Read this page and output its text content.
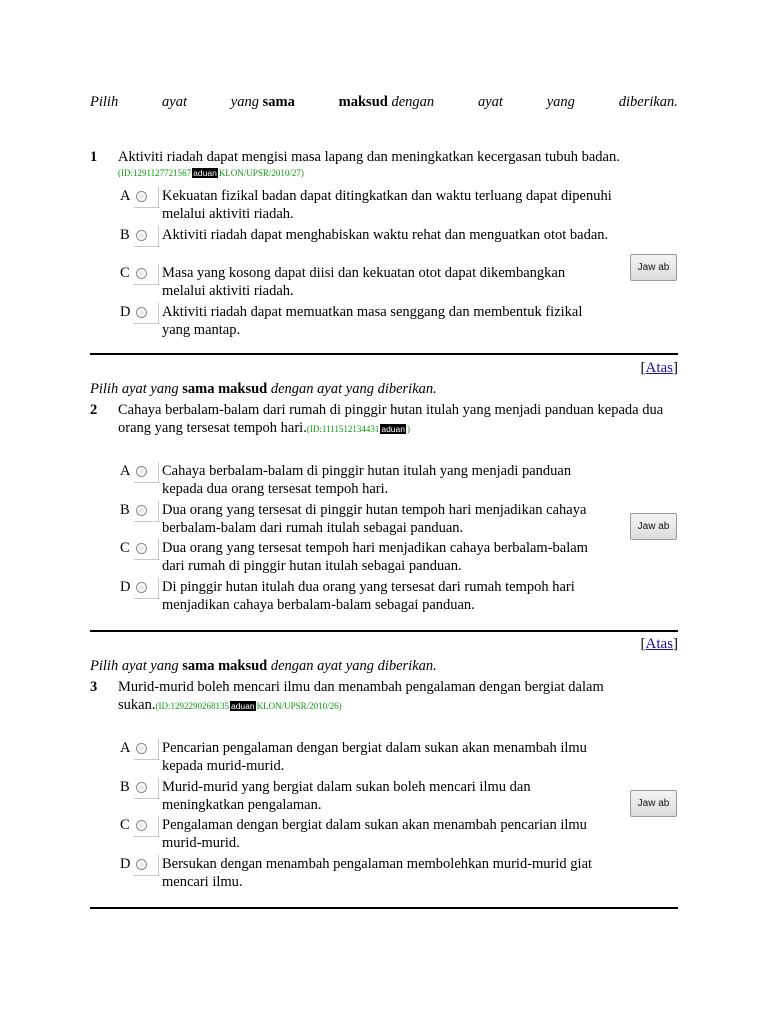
Pilih	ayat	yang sama	maksud dengan	ayat	yang	diberikan.
1 Aktiviti riadah dapat mengisi masa lapang dan meningkatkan kecergasan tubuh badan.
(ID:1291127721567 aduan KLON/UPSR/2010/27)
A Kekuatan fizikal badan dapat ditingkatkan dan waktu terluang dapat dipenuhi melalui aktiviti riadah.
B Aktiviti riadah dapat menghabiskan waktu rehat dan menguatkan otot badan.
C Masa yang kosong dapat diisi dan kekuatan otot dapat dikembangkan melalui aktiviti riadah.
D Aktiviti riadah dapat memuatkan masa senggang dan membentuk fizikal yang mantap.
Jaw ab
[Atas]
Pilih ayat yang sama maksud dengan ayat yang diberikan.
2 Cahaya berbalam-balam dari rumah di pinggir hutan itulah yang menjadi panduan kepada dua orang yang tersesat tempoh hari.(ID:1111512134431 aduan )
A Cahaya berbalam-balam di pinggir hutan itulah yang menjadi panduan kepada dua orang tersesat tempoh hari.
B Dua orang yang tersesat di pinggir hutan tempoh hari menjadikan cahaya berbalam-balam dari rumah itulah sebagai panduan.
C Dua orang yang tersesat tempoh hari menjadikan cahaya berbalam-balam dari rumah di pinggir hutan itulah sebagai panduan.
D Di pinggir hutan itulah dua orang yang tersesat dari rumah tempoh hari menjadikan cahaya berbalam-balam sebagai panduan.
Jaw ab
[Atas]
Pilih ayat yang sama maksud dengan ayat yang diberikan.
3 Murid-murid boleh mencari ilmu dan menambah pengalaman dengan bergiat dalam sukan.(ID:1292290268135 aduan KLON/UPSR/2010/26)
A Pencarian pengalaman dengan bergiat dalam sukan akan menambah ilmu kepada murid-murid.
B Murid-murid yang bergiat dalam sukan boleh mencari ilmu dan meningkatkan pengalaman.
C Pengalaman dengan bergiat dalam sukan akan menambah pencarian ilmu murid-murid.
D Bersukan dengan menambah pengalaman membolehkan murid-murid giat mencari ilmu.
Jaw ab
